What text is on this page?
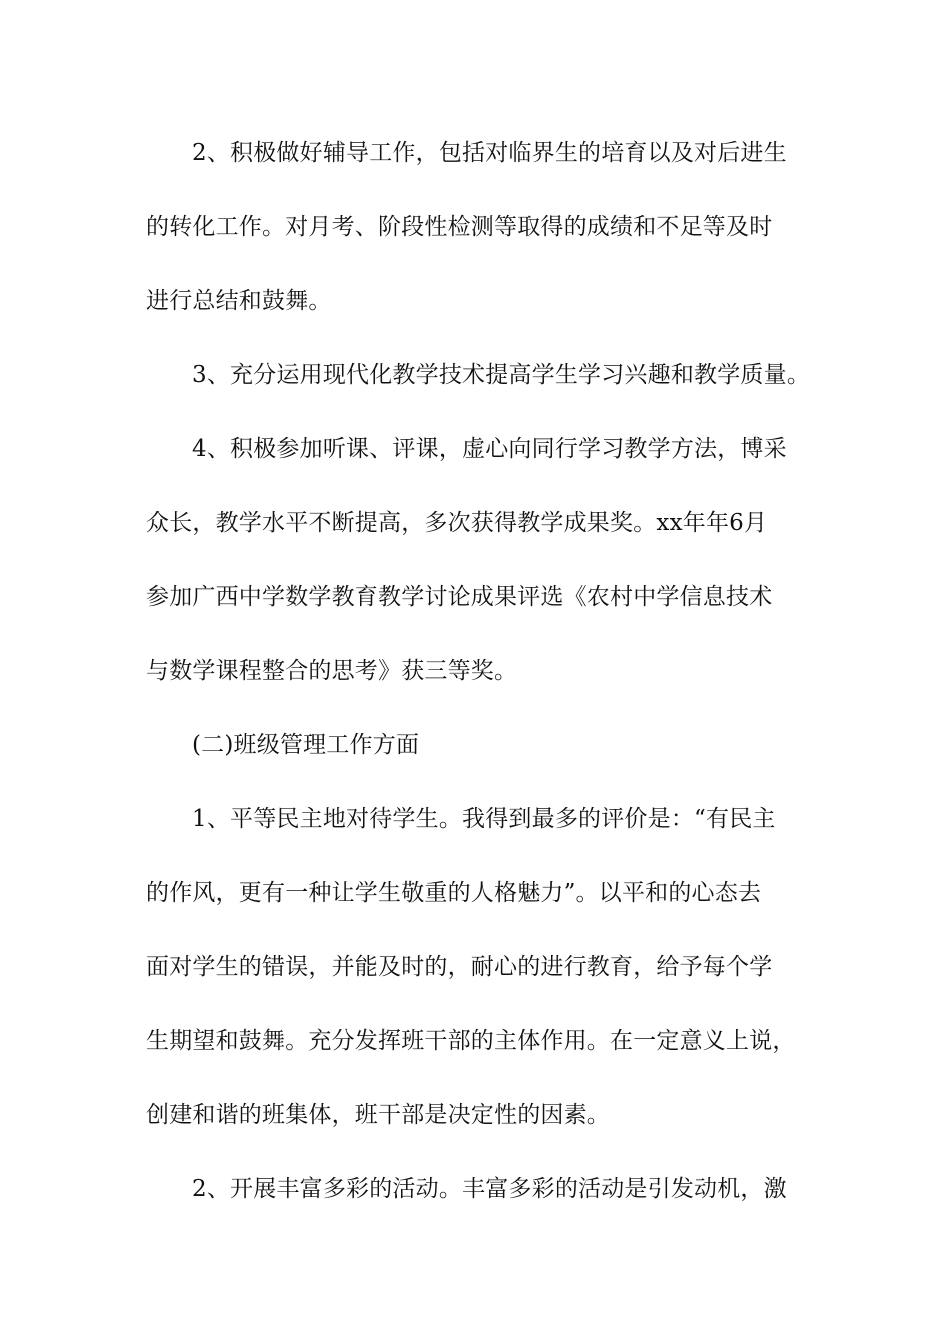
2、积极做好辅导工作，包括对临界生的培育以及对后进生
的转化工作。对月考、阶段性检测等取得的成绩和不足等及时
进行总结和鼓舞。
3、充分运用现代化教学技术提高学生学习兴趣和教学质量。
4、积极参加听课、评课，虚心向同行学习教学方法，博采
众长，教学水平不断提高，多次获得教学成果奖。xx年年6月
参加广西中学数学教育教学讨论成果评选《农村中学信息技术
与数学课程整合的思考》获三等奖。
(二)班级管理工作方面
1、平等民主地对待学生。我得到最多的评价是：“有民主
的作风，更有一种让学生敬重的人格魅力”。以平和的心态去
面对学生的错误，并能及时的，耐心的进行教育，给予每个学
生期望和鼓舞。充分发挥班干部的主体作用。在一定意义上说，
创建和谐的班集体，班干部是决定性的因素。
2、开展丰富多彩的活动。丰富多彩的活动是引发动机，激
